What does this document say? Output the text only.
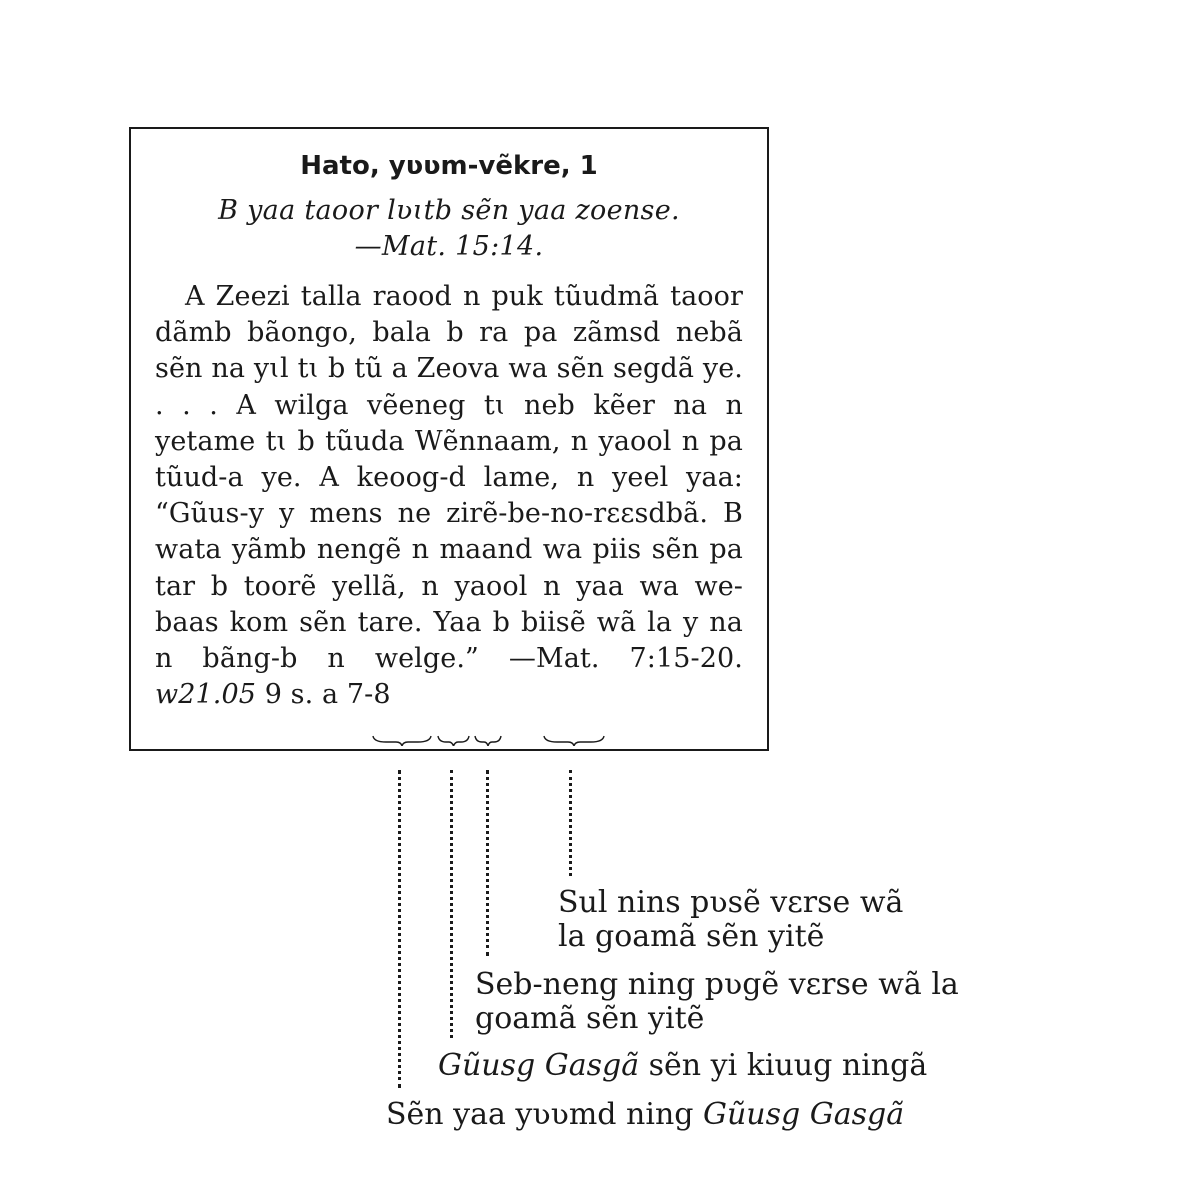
Hato, yʋʋm-vẽkre, 1
B yaa taoor lʋɩtb sẽn yaa zoense.
—Mat. 15:14.
A Zeezi talla raood n puk tũudmã taoor dãmb bãongo, bala b ra pa zãmsd nebã sẽn na yɩl tɩ b tũ a Zeova wa sẽn segdã ye. . . . A wilga vẽeneg tɩ neb kẽer na n yetame tɩ b tũuda Wẽnnaam, n yaool n pa tũud-a ye. A keoog-d lame, n yeel yaa: “Gũus-y y mens ne zirẽ-be-no-rɛɛsdbã. B wata yãmb nengẽ n maand wa piis sẽn pa tar b toorẽ yellã, n yaool n yaa wa we-baas kom sẽn tare. Yaa b biisẽ wã la y na n bãng-b n welge.” —Mat. 7:15-20. w21.05 9 s. a 7-8
Sul nins pʋsẽ vɛrse wã
la goamã sẽn yitẽ
Seb-neng ning pʋgẽ vɛrse wã la
goamã sẽn yitẽ
Gũusg Gasgã sẽn yi kiuug ningã
Sẽn yaa yʋʋmd ning Gũusg Gasgã
